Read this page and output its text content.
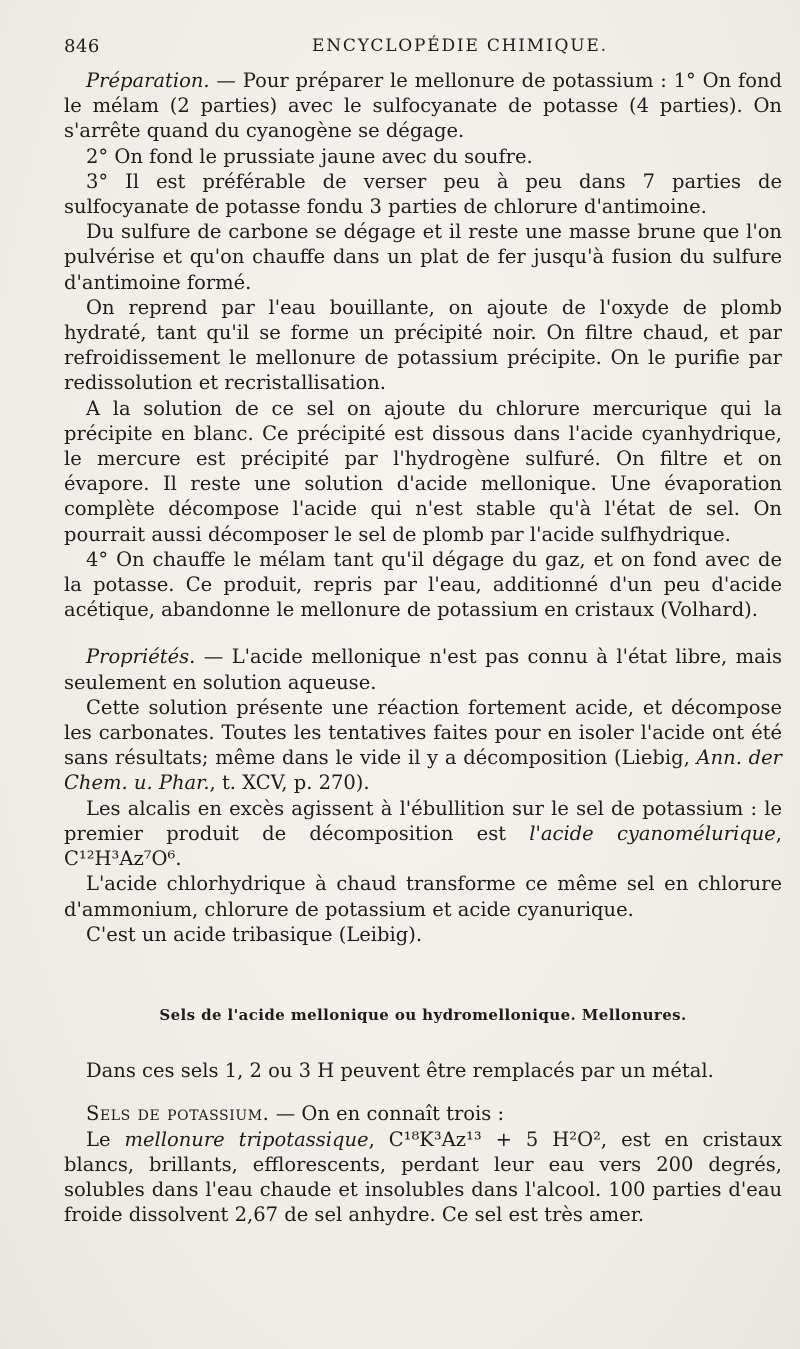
846	ENCYCLOPÉDIE CHIMIQUE.

Préparation. — Pour préparer le mellonure de potassium : 1° On fond le mélam (2 parties) avec le sulfocyanate de potasse (4 parties). On s'arrête quand du cyanogène se dégage.

2° On fond le prussiate jaune avec du soufre.

3° Il est préférable de verser peu à peu dans 7 parties de sulfocyanate de potasse fondu 3 parties de chlorure d'antimoine.

Du sulfure de carbone se dégage et il reste une masse brune que l'on pulvérise et qu'on chauffe dans un plat de fer jusqu'à fusion du sulfure d'antimoine formé.

On reprend par l'eau bouillante, on ajoute de l'oxyde de plomb hydraté, tant qu'il se forme un précipité noir. On filtre chaud, et par refroidissement le mellonure de potassium précipite. On le purifie par redissolution et recristallisation.

A la solution de ce sel on ajoute du chlorure mercurique qui la précipite en blanc. Ce précipité est dissous dans l'acide cyanhydrique, le mercure est précipité par l'hydrogène sulfuré. On filtre et on évapore. Il reste une solution d'acide mellonique. Une évaporation complète décompose l'acide qui n'est stable qu'à l'état de sel. On pourrait aussi décomposer le sel de plomb par l'acide sulfhydrique.

4° On chauffe le mélam tant qu'il dégage du gaz, et on fond avec de la potasse. Ce produit, repris par l'eau, additionné d'un peu d'acide acétique, abandonne le mellonure de potassium en cristaux (Volhard).

Propriétés. — L'acide mellonique n'est pas connu à l'état libre, mais seulement en solution aqueuse.

Cette solution présente une réaction fortement acide, et décompose les carbonates. Toutes les tentatives faites pour en isoler l'acide ont été sans résultats; même dans le vide il y a décomposition (Liebig, Ann. der Chem. u. Phar., t. XCV, p. 270).

Les alcalis en excès agissent à l'ébullition sur le sel de potassium : le premier produit de décomposition est l'acide cyanomélurique, C¹²H³Az⁷O⁶.

L'acide chlorhydrique à chaud transforme ce même sel en chlorure d'ammonium, chlorure de potassium et acide cyanurique.

C'est un acide tribasique (Leibig).

Sels de l'acide mellonique ou hydromellonique. Mellonures.

Dans ces sels 1, 2 ou 3 H peuvent être remplacés par un métal.

Sels de potassium. — On en connaît trois :

Le mellonure tripotassique, C¹⁸K³Az¹³ + 5 H²O², est en cristaux blancs, brillants, efflorescents, perdant leur eau vers 200 degrés, solubles dans l'eau chaude et insolubles dans l'alcool. 100 parties d'eau froide dissolvent 2,67 de sel anhydre. Ce sel est très amer.
